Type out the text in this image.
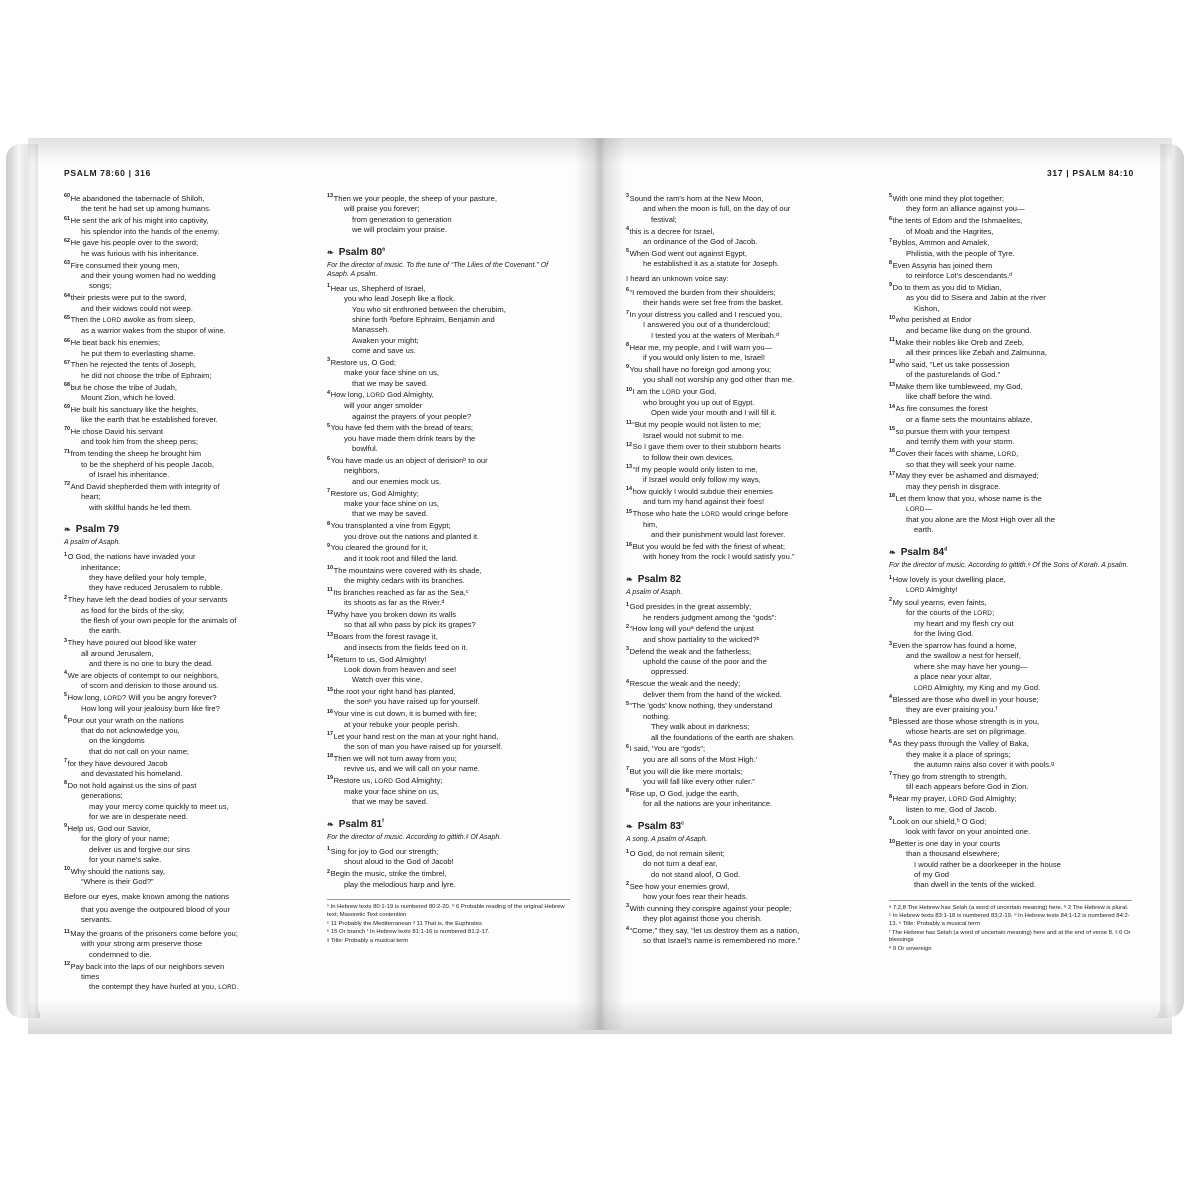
PSALM 78:60 | 316

$^{60}$He abandoned the tabernacle of Shiloh,

the tent he had set up among humans.

$^{61}$He sent the ark of his might into captivity,

his splendor into the hands of the enemy.

$^{62}$He gave his people over to the sword;

he was furious with his inheritance.

$^{63}$Fire consumed their young men,

and their young women had no wedding

songs;

$^{64}$their priests were put to the sword,

and their widows could not weep.

$^{65}$Then the LORD awoke as from sleep,

as a warrior wakes from the stupor of wine.

$^{66}$He beat back his enemies;

he put them to everlasting shame.

$^{67}$Then he rejected the tents of Joseph,

he did not choose the tribe of Ephraim;

$^{68}$but he chose the tribe of Judah,

Mount Zion, which he loved.

$^{69}$He built his sanctuary like the heights,

like the earth that he established forever.

$^{70}$He chose David his servant

and took him from the sheep pens;

$^{71}$from tending the sheep he brought him

to be the shepherd of his people Jacob,

of Israel his inheritance.

$^{72}$And David shepherded them with integrity of

heart;

with skillful hands he led them.

❧ Psalm 79

A psalm of Asaph.

$^1$O God, the nations have invaded your

inheritance;

they have defiled your holy temple,

they have reduced Jerusalem to rubble.

$^2$They have left the dead bodies of your servants

as food for the birds of the sky,

the flesh of your own people for the animals of

the earth.

$^3$They have poured out blood like water

all around Jerusalem,

and there is no one to bury the dead.

$^4$We are objects of contempt to our neighbors,

of scorn and derision to those around us.

$^5$How long, LORD? Will you be angry forever?

How long will your jealousy burn like fire?

$^6$Pour out your wrath on the nations

that do not acknowledge you,

on the kingdoms

that do not call on your name;

$^7$for they have devoured Jacob

and devastated his homeland.

$^8$Do not hold against us the sins of past

generations;

may your mercy come quickly to meet us,

for we are in desperate need.

$^9$Help us, God our Savior,

for the glory of your name;

deliver us and forgive our sins

for your name's sake.

$^{10}$Why should the nations say,

“Where is their God?”

Before our eyes, make known among the nations

that you avenge the outpoured blood of your

servants.

$^{11}$May the groans of the prisoners come before you;

with your strong arm preserve those

condemned to die.

$^{12}$Pay back into the laps of our neighbors seven

times

the contempt they have hurled at you, LORD.

$^{13}$Then we your people, the sheep of your pasture,

will praise you forever;

from generation to generation

we will proclaim your praise.

❧ Psalm 80$^a$

For the director of music. To the tune of “The Lilies of the Covenant.” Of Asaph. A psalm.

$^1$Hear us, Shepherd of Israel,

you who lead Joseph like a flock.

You who sit enthroned between the cherubim,

shine forth ²before Ephraim, Benjamin and

Manasseh.

Awaken your might;

come and save us.

$^3$Restore us, O God;

make your face shine on us,

that we may be saved.

$^4$How long, LORD God Almighty,

will your anger smolder

against the prayers of your people?

$^5$You have fed them with the bread of tears;

you have made them drink tears by the

bowlful.

$^6$You have made us an object of derisionᵇ to our

neighbors,

and our enemies mock us.

$^7$Restore us, God Almighty;

make your face shine on us,

that we may be saved.

$^8$You transplanted a vine from Egypt;

you drove out the nations and planted it.

$^9$You cleared the ground for it,

and it took root and filled the land.

$^{10}$The mountains were covered with its shade,

the mighty cedars with its branches.

$^{11}$Its branches reached as far as the Sea,ᶜ

its shoots as far as the River.ᵈ

$^{12}$Why have you broken down its walls

so that all who pass by pick its grapes?

$^{13}$Boars from the forest ravage it,

and insects from the fields feed on it.

$^{14}$Return to us, God Almighty!

Look down from heaven and see!

Watch over this vine,

$^{15}$the root your right hand has planted,

the sonᵉ you have raised up for yourself.

$^{16}$Your vine is cut down, it is burned with fire;

at your rebuke your people perish.

$^{17}$Let your hand rest on the man at your right hand,

the son of man you have raised up for yourself.

$^{18}$Then we will not turn away from you;

revive us, and we will call on your name.

$^{19}$Restore us, LORD God Almighty;

make your face shine on us,

that we may be saved.

❧ Psalm 81$^f$

For the director of music. According to gittith.ᵍ Of Asaph.

$^1$Sing for joy to God our strength;

shout aloud to the God of Jacob!

$^2$Begin the music, strike the timbrel,

play the melodious harp and lyre.

¹ In Hebrew texts 80:1-19 is numbered 80:2-20. ᵇ 6 Probable reading of the original Hebrew text; Masoretic Text contention

ᶜ 11 Probably the Mediterranean ᵈ 11 That is, the Euphrates

ᵉ 15 Or branch ᶠ In Hebrew texts 81:1-16 is numbered 81:2-17.

ᵍ Title: Probably a musical term

317 | PSALM 84:10

$^3$Sound the ram's horn at the New Moon,

and when the moon is full, on the day of our

festival;

$^4$this is a decree for Israel,

an ordinance of the God of Jacob.

$^5$When God went out against Egypt,

he established it as a statute for Joseph.

I heard an unknown voice say:

$^6$“I removed the burden from their shoulders;

their hands were set free from the basket.

$^7$In your distress you called and I rescued you,

I answered you out of a thundercloud;

I tested you at the waters of Meribah.ᵈ

$^8$Hear me, my people, and I will warn you—

if you would only listen to me, Israel!

$^9$You shall have no foreign god among you;

you shall not worship any god other than me.

$^{10}$I am the LORD your God,

who brought you up out of Egypt.

Open wide your mouth and I will fill it.

$^{11}$“But my people would not listen to me;

Israel would not submit to me.

$^{12}$So I gave them over to their stubborn hearts

to follow their own devices.

$^{13}$“If my people would only listen to me,

if Israel would only follow my ways,

$^{14}$how quickly I would subdue their enemies

and turn my hand against their foes!

$^{15}$Those who hate the LORD would cringe before

him,

and their punishment would last forever.

$^{16}$But you would be fed with the finest of wheat;

with honey from the rock I would satisfy you.”

❧ Psalm 82

A psalm of Asaph.

$^1$God presides in the great assembly;

he renders judgment among the “gods”:

$^2$“How long will youᵃ defend the unjust

and show partiality to the wicked?ᵇ

$^3$Defend the weak and the fatherless;

uphold the cause of the poor and the

oppressed.

$^4$Rescue the weak and the needy;

deliver them from the hand of the wicked.

$^5$“The 'gods' know nothing, they understand

nothing.

They walk about in darkness;

all the foundations of the earth are shaken.

$^6$I said, 'You are “gods”;

you are all sons of the Most High.'

$^7$But you will die like mere mortals;

you will fall like every other ruler.”

$^8$Rise up, O God, judge the earth,

for all the nations are your inheritance.

❧ Psalm 83$^c$

A song. A psalm of Asaph.

$^1$O God, do not remain silent;

do not turn a deaf ear,

do not stand aloof, O God.

$^2$See how your enemies growl,

how your foes rear their heads.

$^3$With cunning they conspire against your people;

they plot against those you cherish.

$^4$“Come,” they say, “let us destroy them as a nation,

so that Israel's name is remembered no more.”

$^5$With one mind they plot together;

they form an alliance against you—

$^6$the tents of Edom and the Ishmaelites,

of Moab and the Hagrites,

$^7$Byblos, Ammon and Amalek,

Philistia, with the people of Tyre.

$^8$Even Assyria has joined them

to reinforce Lot's descendants.ᵈ

$^9$Do to them as you did to Midian,

as you did to Sisera and Jabin at the river

Kishon,

$^{10}$who perished at Endor

and became like dung on the ground.

$^{11}$Make their nobles like Oreb and Zeeb,

all their princes like Zebah and Zalmunna,

$^{12}$who said, “Let us take possession

of the pasturelands of God.”

$^{13}$Make them like tumbleweed, my God,

like chaff before the wind.

$^{14}$As fire consumes the forest

or a flame sets the mountains ablaze,

$^{15}$so pursue them with your tempest

and terrify them with your storm.

$^{16}$Cover their faces with shame, LORD,

so that they will seek your name.

$^{17}$May they ever be ashamed and dismayed;

may they perish in disgrace.

$^{18}$Let them know that you, whose name is the

LORD—

that you alone are the Most High over all the

earth.

❧ Psalm 84$^d$

For the director of music. According to gittith.ᵉ Of the Sons of Korah. A psalm.

$^1$How lovely is your dwelling place,

LORD Almighty!

$^2$My soul yearns, even faints,

for the courts of the LORD;

my heart and my flesh cry out

for the living God.

$^3$Even the sparrow has found a home,

and the swallow a nest for herself,

where she may have her young—

a place near your altar,

LORD Almighty, my King and my God.

$^4$Blessed are those who dwell in your house;

they are ever praising you.ᶠ

$^5$Blessed are those whose strength is in you,

whose hearts are set on pilgrimage.

$^6$As they pass through the Valley of Baka,

they make it a place of springs;

the autumn rains also cover it with pools.ᵍ

$^7$They go from strength to strength,

till each appears before God in Zion.

$^8$Hear my prayer, LORD God Almighty;

listen to me, God of Jacob.

$^9$Look on our shield,ʰ O God;

look with favor on your anointed one.

$^{10}$Better is one day in your courts

than a thousand elsewhere;

I would rather be a doorkeeper in the house

of my God

than dwell in the tents of the wicked.

ᵃ 7,2,8 The Hebrew has Selah (a word of uncertain meaning) here. ᵇ 2 The Hebrew is plural. ᶜ In Hebrew texts 83:1-18 is numbered 83:2-19. ᵈ In Hebrew texts 84:1-12 is numbered 84:2-13. ᵉ Title: Probably a musical term

ᶠ The Hebrew has Selah (a word of uncertain meaning) here and at the end of verse 8. ᵍ 6 Or blessings

ʰ 9 Or sovereign
